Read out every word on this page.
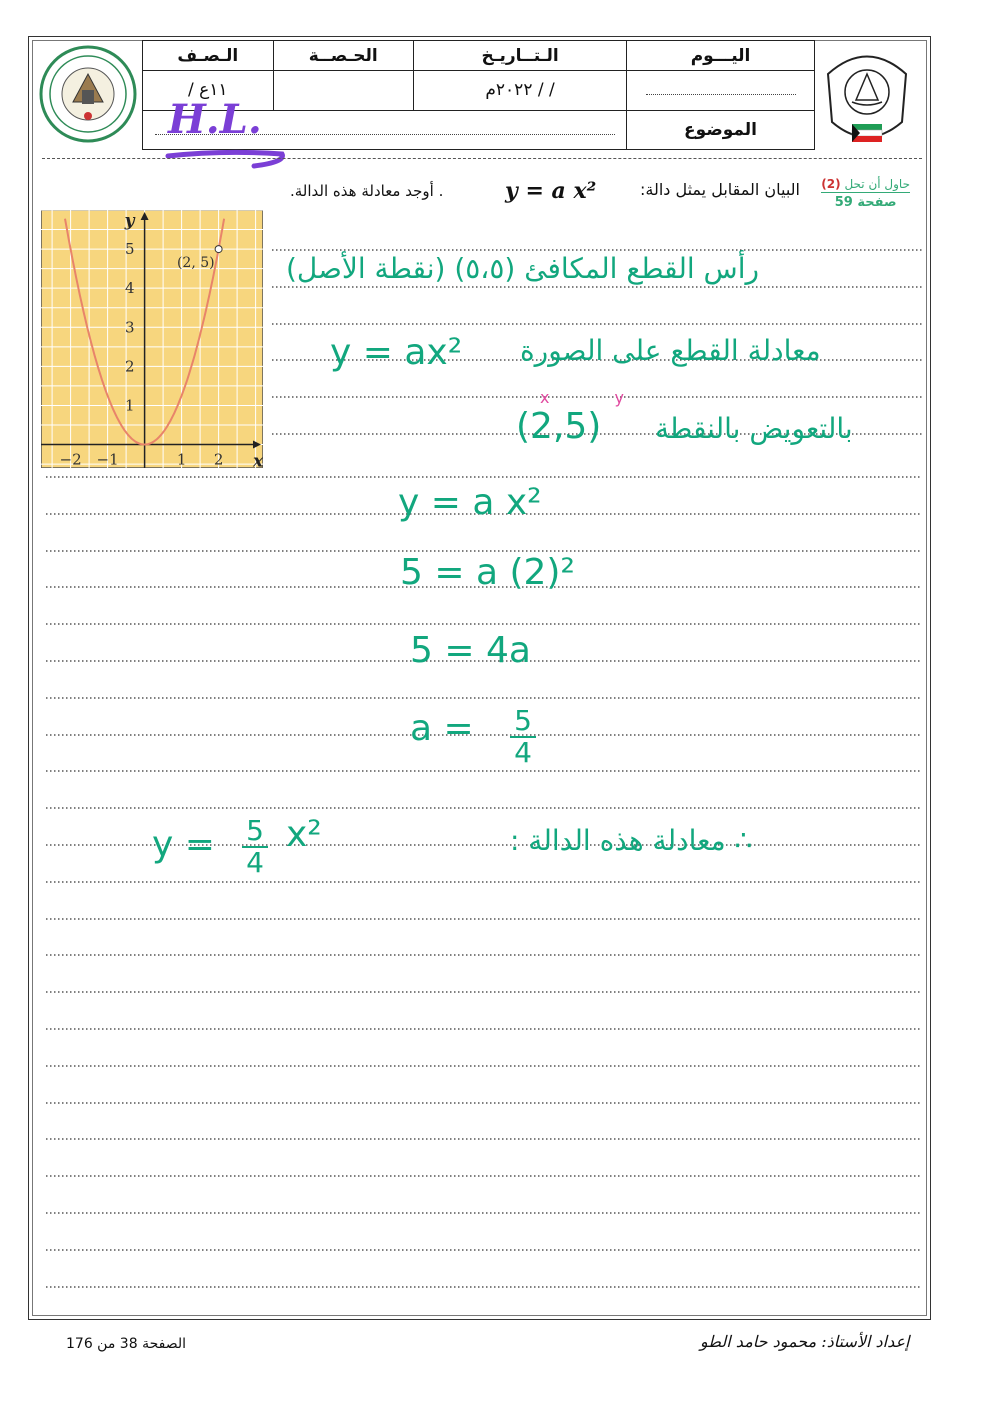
اليـــوم	الـتــاريـخ	الحـصــة	الـصـف
	/ / ٢٠٢٢م		١١ع /
الموضوع			
H.L.
حاول أن تحل (2)
صفحة 59
البيان المقابل يمثل دالة:
y = a x²
. أوجد معادلة هذه الدالة.
(2, 5)
−2 −1	1 2
1
2
3
4
5
x
y
رأس القطع المكافئ (٥،٥) (نقطة الأصل)
معادلة القطع على الصورة
y = ax²
x y
بالتعويض بالنقطة
(2,5)
y = a x²
5 = a (2)²
5 = 4a
a = 5
4
∴ معادلة هذه الدالة :
y = 5
4
x²
الصفحة 38 من 176	إعداد الأستاذ: محمود حامد الطو
